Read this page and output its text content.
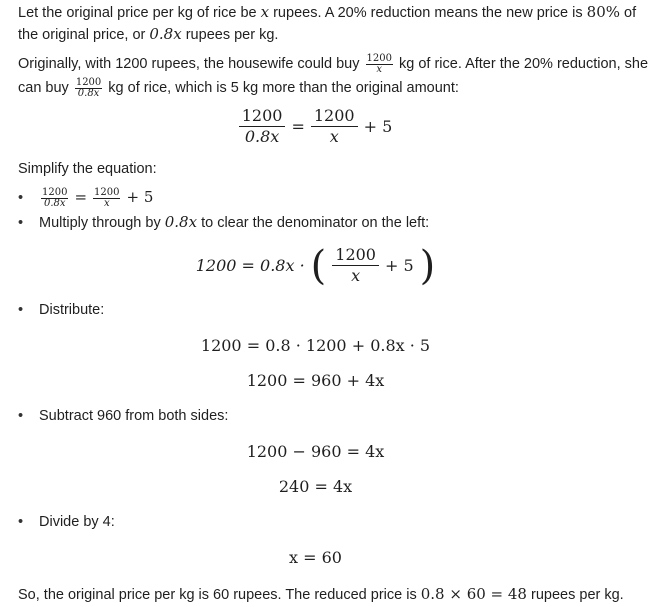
Let the original price per kg of rice be x rupees. A 20% reduction means the new price is 80% of
the original price, or 0.8x rupees per kg.
Originally, with 1200 rupees, the housewife could buy $\frac{1200}{x}$ kg of rice. After the 20% reduction, she
can buy $\frac{1200}{0.8x}$ kg of rice, which is 5 kg more than the original amount:
$\frac{1200}{0.8x} = \frac{1200}{x} + 5$
Simplify the equation:
• $\frac{1200}{0.8x} = \frac{1200}{x} + 5$
• Multiply through by 0.8x to clear the denominator on the left:
1200 = 0.8x · ( $\frac{1200}{x} + 5$ )
• Distribute:
1200 = 0.8 · 1200 + 0.8x · 5
1200 = 960 + 4x
• Subtract 960 from both sides:
1200 − 960 = 4x
240 = 4x
• Divide by 4:
x = 60
So, the original price per kg is 60 rupees. The reduced price is 0.8 × 60 = 48 rupees per kg.
